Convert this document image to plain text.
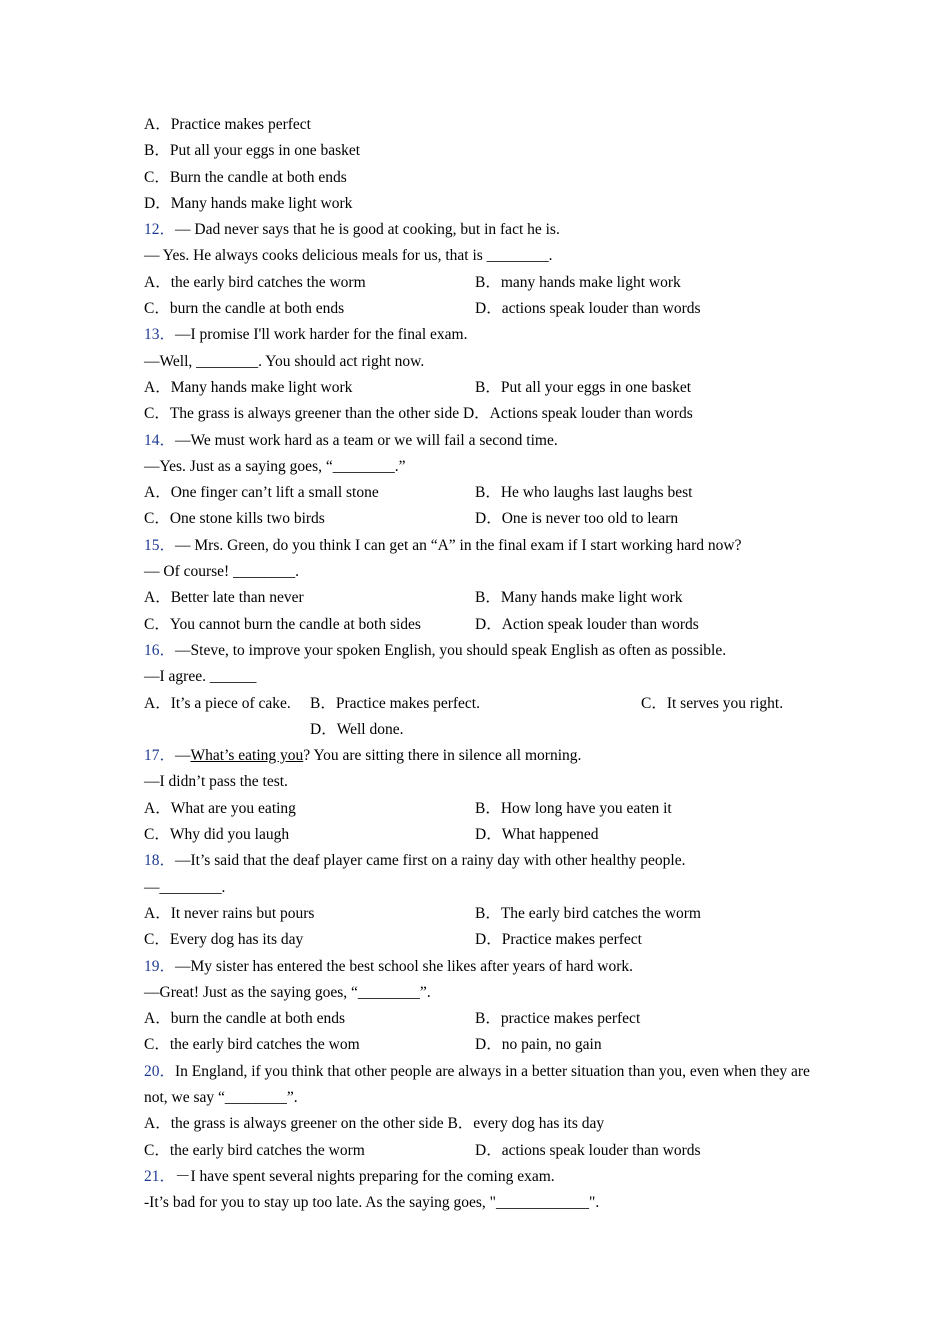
A．Practice makes perfect
B．Put all your eggs in one basket
C．Burn the candle at both ends
D．Many hands make light work
12．— Dad never says that he is good at cooking, but in fact he is.
— Yes. He always cooks delicious meals for us, that is ________.
A．the early bird catches the worm	B．many hands make light work
C．burn the candle at both ends	D．actions speak louder than words
13．—I promise I'll work harder for the final exam.
—Well, ________. You should act right now.
A．Many hands make light work	B．Put all your eggs in one basket
C．The grass is always greener than the other side D．Actions speak louder than words
14．—We must work hard as a team or we will fail a second time.
—Yes. Just as a saying goes, “________.”
A．One finger can’t lift a small stone	B．He who laughs last laughs best
C．One stone kills two birds	D．One is never too old to learn
15．— Mrs. Green, do you think I can get an “A” in the final exam if I start working hard now?
— Of course! ________.
A．Better late than never	B．Many hands make light work
C．You cannot burn the candle at both sides	D．Action speak louder than words
16．—Steve, to improve your spoken English, you should speak English as often as possible.
—I agree. ______
A．It’s a piece of cake. B．Practice makes perfect.	C．It serves you right.
D．Well done.
17．—What’s eating you? You are sitting there in silence all morning.
—I didn’t pass the test.
A．What are you eating	B．How long have you eaten it
C．Why did you laugh	D．What happened
18．—It’s said that the deaf player came first on a rainy day with other healthy people.
—________.
A．It never rains but pours	B．The early bird catches the worm
C．Every dog has its day	D．Practice makes perfect
19．—My sister has entered the best school she likes after years of hard work.
—Great! Just as the saying goes, “________”.
A．burn the candle at both ends	B．practice makes perfect
C．the early bird catches the wom	D．no pain, no gain
20．In England, if you think that other people are always in a better situation than you, even when they are not, we say “________”.
A．the grass is always greener on the other side B．every dog has its day
C．the early bird catches the worm	D．actions speak louder than words
21．－I have spent several nights preparing for the coming exam.
-It’s bad for you to stay up too late. As the saying goes, "____________".
